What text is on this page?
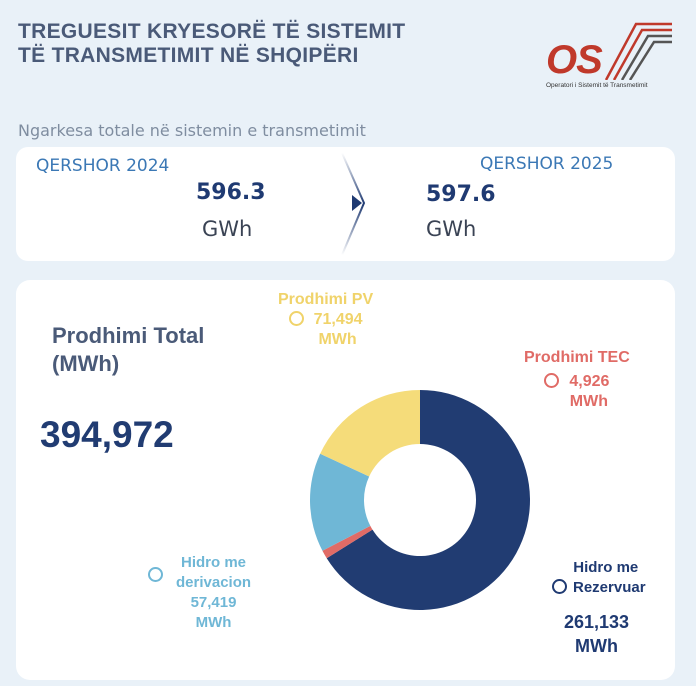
TREGUESIT KRYESORË TË SISTEMIT
TË TRANSMETIMIT NË SHQIPËRI	OS
Operatori i Sistemit të Transmetimit
Ngarkesa totale në sistemin e transmetimit
QERSHOR 2024
596.3
GWh
QERSHOR 2025
597.6
GWh
Prodhimi Total (MWh)
394,972
Prodhimi PV
71,494
MWh
Prodhimi TEC
4,926
MWh
Hidro me
derivacion
57,419
MWh
Hidro me
Rezervuar
261,133
MWh
